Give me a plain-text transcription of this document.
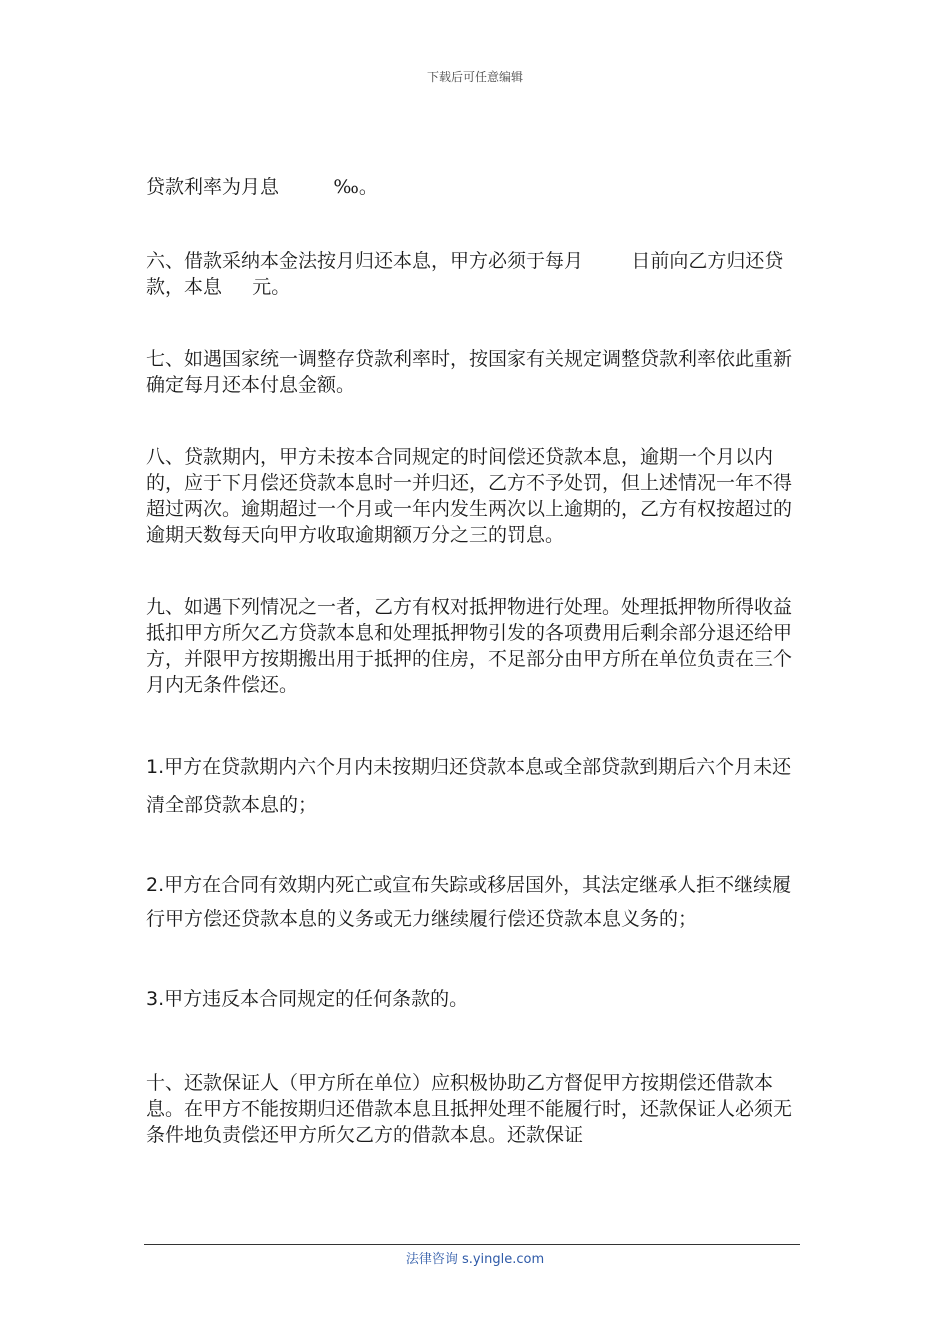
下载后可任意编辑

贷款利率为月息	‰。

六、借款采纳本金法按月归还本息，甲方必须于每月	日前向乙方归还贷款，本息 元。

七、如遇国家统一调整存贷款利率时，按国家有关规定调整贷款利率依此重新确定每月还本付息金额。

八、贷款期内，甲方未按本合同规定的时间偿还贷款本息，逾期一个月以内的，应于下月偿还贷款本息时一并归还，乙方不予处罚，但上述情况一年不得超过两次。逾期超过一个月或一年内发生两次以上逾期的，乙方有权按超过的逾期天数每天向甲方收取逾期额万分之三的罚息。

九、如遇下列情况之一者，乙方有权对抵押物进行处理。处理抵押物所得收益抵扣甲方所欠乙方贷款本息和处理抵押物引发的各项费用后剩余部分退还给甲方，并限甲方按期搬出用于抵押的住房，不足部分由甲方所在单位负责在三个月内无条件偿还。

1.甲方在贷款期内六个月内未按期归还贷款本息或全部贷款到期后六个月未还清全部贷款本息的；

2.甲方在合同有效期内死亡或宣布失踪或移居国外，其法定继承人拒不继续履行甲方偿还贷款本息的义务或无力继续履行偿还贷款本息义务的；

3.甲方违反本合同规定的任何条款的。

十、还款保证人（甲方所在单位）应积极协助乙方督促甲方按期偿还借款本息。在甲方不能按期归还借款本息且抵押处理不能履行时，还款保证人必须无条件地负责偿还甲方所欠乙方的借款本息。还款保证

法律咨询 s.yingle.com
